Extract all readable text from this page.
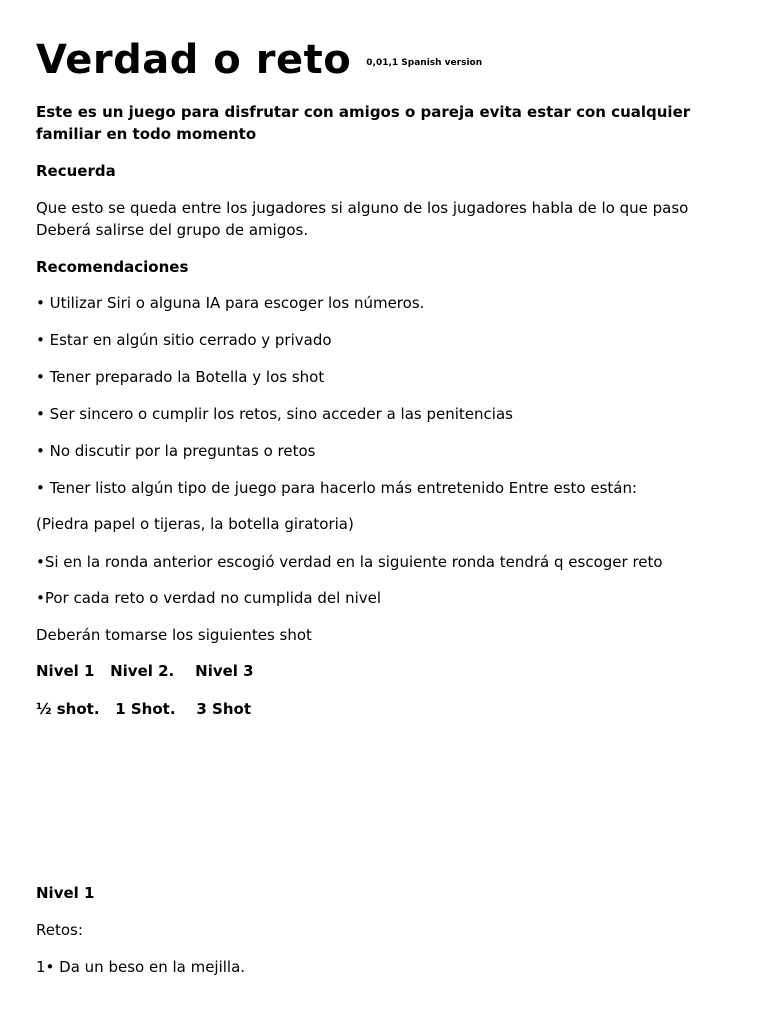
Verdad o reto 0,01,1 Spanish version

Este es un juego para disfrutar con amigos o pareja evita estar con cualquier familiar en todo momento

Recuerda

Que esto se queda entre los jugadores si alguno de los jugadores habla de lo que paso Deberá salirse del grupo de amigos.

Recomendaciones

• Utilizar Siri o alguna IA para escoger los números.

• Estar en algún sitio cerrado y privado

• Tener preparado la Botella y los shot

• Ser sincero o cumplir los retos, sino acceder a las penitencias

• No discutir por la preguntas o retos

• Tener listo algún tipo de juego para hacerlo más entretenido Entre esto están:

(Piedra papel o tijeras, la botella giratoria)

•Si en la ronda anterior escogió verdad en la siguiente ronda tendrá q escoger reto

•Por cada reto o verdad no cumplida del nivel

Deberán tomarse los siguientes shot

Nivel 1   Nivel 2.    Nivel 3

½ shot.   1 Shot.    3 Shot

Nivel 1

Retos:

1• Da un beso en la mejilla.
